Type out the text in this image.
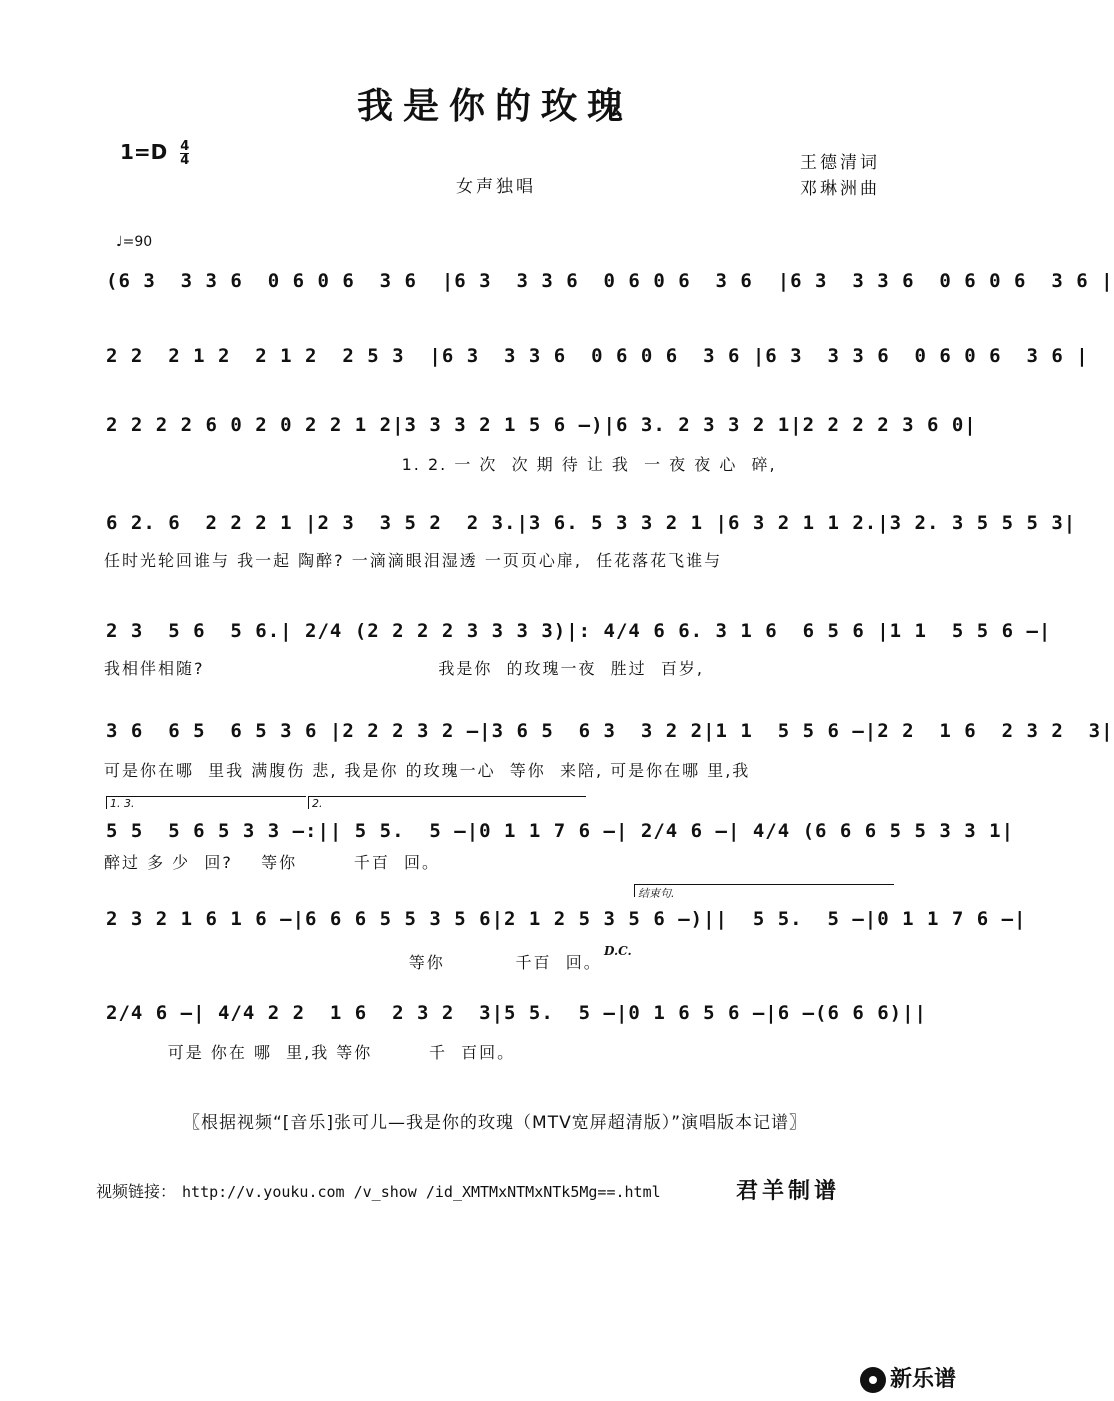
我是你的玫瑰
$1=D \frac{4}{4}$	王德清词
邓琳洲曲
女声独唱
♩=90
(6 3  3 3 6  0 6 0 6  3 6  |6 3  3 3 6  0 6 0 6  3 6  |6 3  3 3 6  0 6 0 6  3 6 |
2 2  2 1 2  2 1 2  2 5 3  |6 3  3 3 6  0 6 0 6  3 6 |6 3  3 3 6  0 6 0 6  3 6 |
2 2 2 2 6 0 2 0 2 2 1 2|3 3 3 2 1 5 6 –)|6 3. 2 3 3 2 1|2 2 2 2 3 6 0|
1. 2. 一 次  次 期 待 让 我  一 夜 夜 心  碎,
6 2. 6  2 2 2 1 |2 3  3 5 2  2 3.|3 6. 5 3 3 2 1 |6 3 2 1 1 2.|3 2. 3 5 5 5 3|
任时光轮回谁与 我一起 陶醉? 一滴滴眼泪湿透 一页页心扉,  任花落花飞谁与
2 3  5 6  5 6.| 2/4 (2 2 2 2 3 3 3 3)|: 4/4 6 6. 3 1 6  6 5 6 |1 1  5 5 6 –|
我相伴相随?                                 我是你  的玫瑰一夜  胜过  百岁,
3 6  6 5  6 5 3 6 |2 2 2 3 2 –|3 6 5  6 3  3 2 2|1 1  5 5 6 –|2 2  1 6  2 3 2  3|
可是你在哪  里我 满腹伤 悲, 我是你 的玫瑰一心  等你  来陪, 可是你在哪 里,我
1. 3.	2.
5 5  5 6 5 3 3 –:|| 5 5.  5 –|0 1 1 7 6 –| 2/4 6 –| 4/4 (6 6 6 5 5 3 3 1|
醉过 多 少  回?    等你        千百  回。
结束句.
2 3 2 1 6 1 6 –|6 6 6 5 5 3 5 6|2 1 2 5 3 5 6 –)||  5 5.  5 –|0 1 1 7 6 –|
D.C.
等你          千百  回。
2/4 6 –| 4/4 2 2  1 6  2 3 2  3|5 5.  5 –|0 1 6 5 6 –|6 –(6 6 6)||
可是 你在 哪  里,我 等你        千  百回。
〖根据视频“[音乐]张可儿—我是你的玫瑰（MTV宽屏超清版）”演唱版本记谱〗
视频链接： http://v.youku.com /v_show /id_XMTMxNTMxNTk5Mg==.html	君羊制谱
新乐谱
